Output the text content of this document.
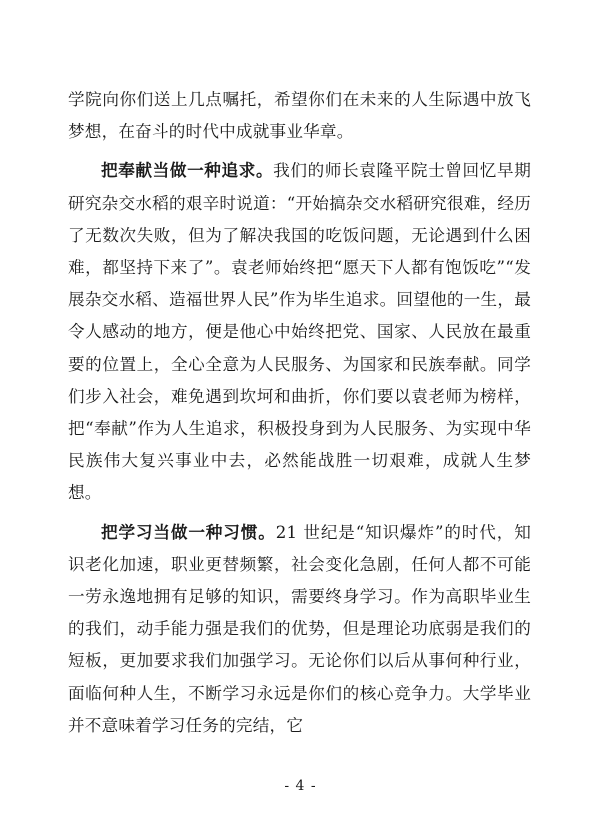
学院向你们送上几点嘱托，希望你们在未来的人生际遇中放飞梦想，在奋斗的时代中成就事业华章。

把奉献当做一种追求。我们的师长袁隆平院士曾回忆早期研究杂交水稻的艰辛时说道：“开始搞杂交水稻研究很难，经历了无数次失败，但为了解决我国的吃饭问题，无论遇到什么困难，都坚持下来了”。袁老师始终把“愿天下人都有饱饭吃”“发展杂交水稻、造福世界人民”作为毕生追求。回望他的一生，最令人感动的地方，便是他心中始终把党、国家、人民放在最重要的位置上，全心全意为人民服务、为国家和民族奉献。同学们步入社会，难免遇到坎坷和曲折，你们要以袁老师为榜样，把“奉献”作为人生追求，积极投身到为人民服务、为实现中华民族伟大复兴事业中去，必然能战胜一切艰难，成就人生梦想。

把学习当做一种习惯。21 世纪是“知识爆炸”的时代，知识老化加速，职业更替频繁，社会变化急剧，任何人都不可能一劳永逸地拥有足够的知识，需要终身学习。作为高职毕业生的我们，动手能力强是我们的优势，但是理论功底弱是我们的短板，更加要求我们加强学习。无论你们以后从事何种行业，面临何种人生，不断学习永远是你们的核心竞争力。大学毕业并不意味着学习任务的完结，它

- 4 -
